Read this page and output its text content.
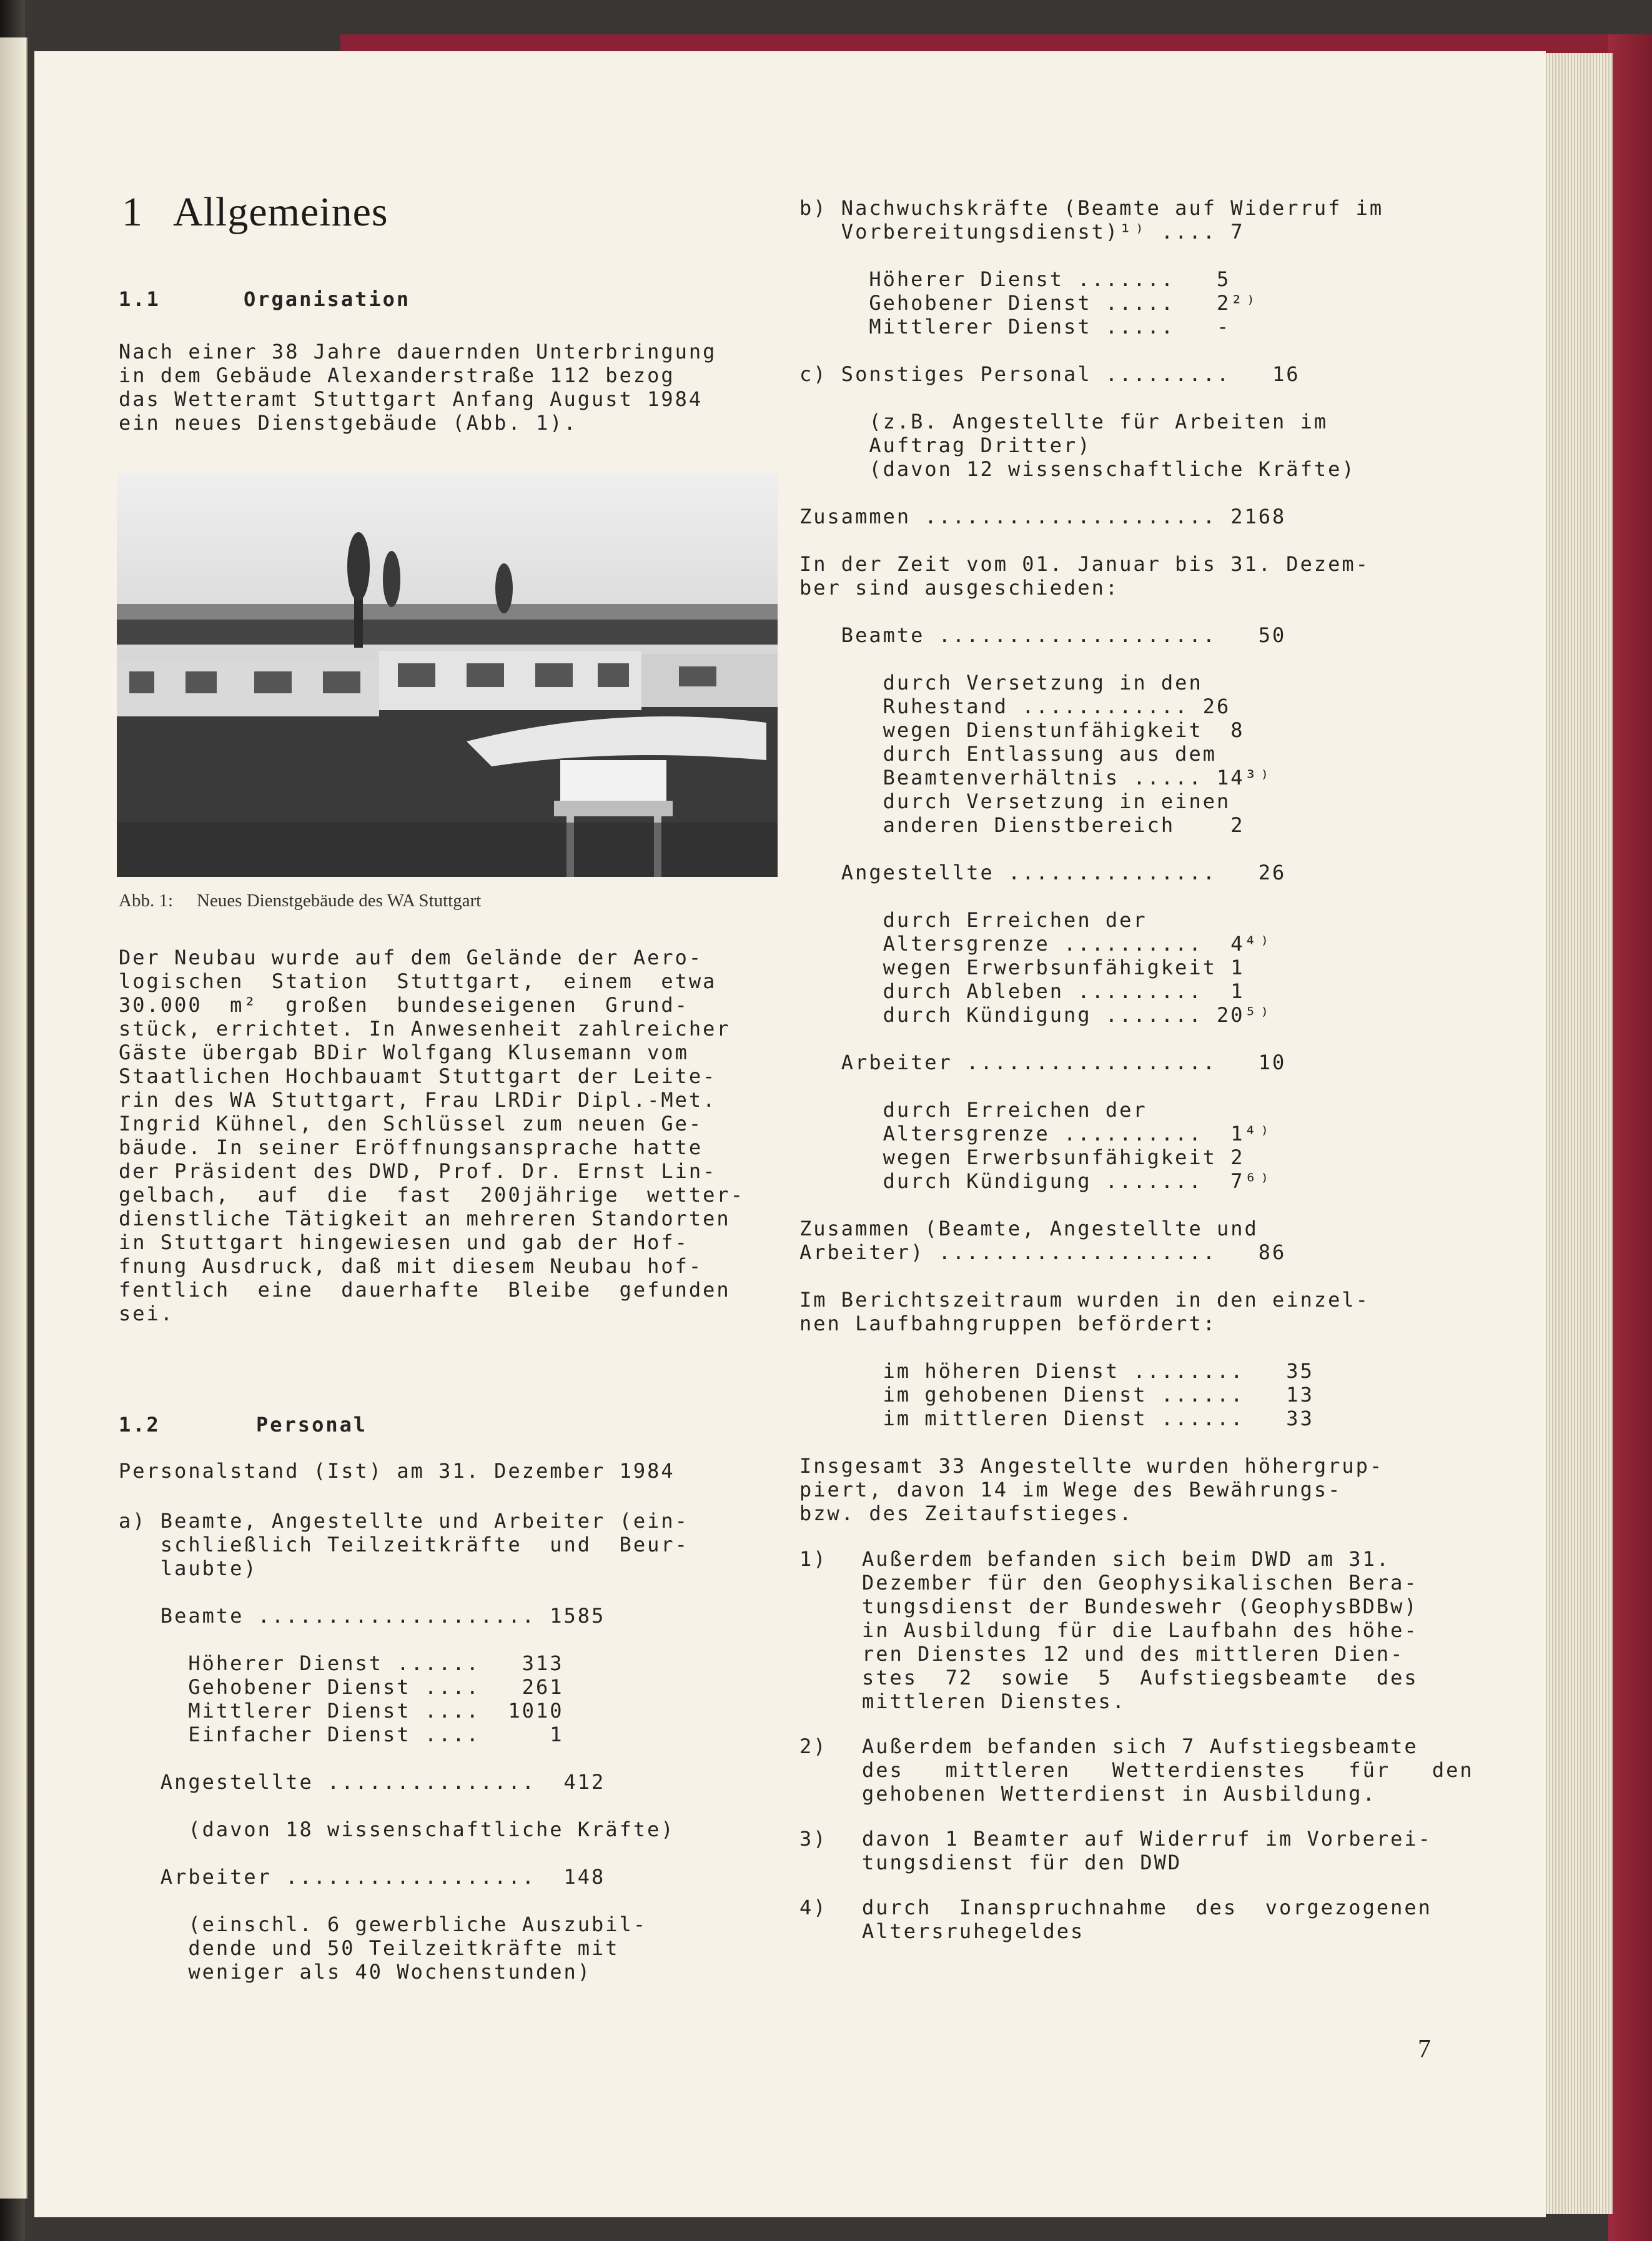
1 Allgemeines
1.1	Organisation
Nach einer 38 Jahre dauernden Unterbringung
in dem Gebäude Alexanderstraße 112 bezog
das Wetteramt Stuttgart Anfang August 1984
ein neues Dienstgebäude (Abb. 1).
Abb. 1: Neues Dienstgebäude des WA Stuttgart
Der Neubau wurde auf dem Gelände der Aero-
logischen  Station  Stuttgart,  einem  etwa
30.000  m²  großen  bundeseigenen  Grund-
stück, errichtet. In Anwesenheit zahlreicher
Gäste übergab BDir Wolfgang Klusemann vom
Staatlichen Hochbauamt Stuttgart der Leite-
rin des WA Stuttgart, Frau LRDir Dipl.-Met.
Ingrid Kühnel, den Schlüssel zum neuen Ge-
bäude. In seiner Eröffnungsansprache hatte
der Präsident des DWD, Prof. Dr. Ernst Lin-
gelbach,  auf  die  fast  200jährige  wetter-
dienstliche Tätigkeit an mehreren Standorten
in Stuttgart hingewiesen und gab der Hof-
fnung Ausdruck, daß mit diesem Neubau hof-
fentlich  eine  dauerhafte  Bleibe  gefunden
sei.
1.2	Personal
Personalstand (Ist) am 31. Dezember 1984
a) Beamte, Angestellte und Arbeiter (ein-
schließlich Teilzeitkräfte  und  Beur-
laubte)

Beamte .................... 1585

Höherer Dienst ......   313
Gehobener Dienst ....   261
Mittlerer Dienst ....  1010
Einfacher Dienst ....     1

Angestellte ...............  412

(davon 18 wissenschaftliche Kräfte)

Arbeiter ..................  148

(einschl. 6 gewerbliche Auszubil-
dende und 50 Teilzeitkräfte mit
weniger als 40 Wochenstunden)
b) Nachwuchskräfte (Beamte auf Widerruf im
Vorbereitungsdienst)¹⁾ .... 7

Höherer Dienst .......   5
Gehobener Dienst .....   2²⁾
Mittlerer Dienst .....   -

c) Sonstiges Personal .........   16

(z.B. Angestellte für Arbeiten im
Auftrag Dritter)
(davon 12 wissenschaftliche Kräfte)

Zusammen ..................... 2168

In der Zeit vom 01. Januar bis 31. Dezem-
ber sind ausgeschieden:

Beamte ....................   50

durch Versetzung in den
Ruhestand ............ 26
wegen Dienstunfähigkeit  8
durch Entlassung aus dem
Beamtenverhältnis ..... 14³⁾
durch Versetzung in einen
anderen Dienstbereich    2

Angestellte ...............   26

durch Erreichen der
Altersgrenze ..........  4⁴⁾
wegen Erwerbsunfähigkeit 1
durch Ableben .........  1
durch Kündigung ....... 20⁵⁾

Arbeiter ..................   10

durch Erreichen der
Altersgrenze ..........  1⁴⁾
wegen Erwerbsunfähigkeit 2
durch Kündigung .......  7⁶⁾

Zusammen (Beamte, Angestellte und
Arbeiter) ....................   86

Im Berichtszeitraum wurden in den einzel-
nen Laufbahngruppen befördert:

im höheren Dienst ........   35
im gehobenen Dienst ......   13
im mittleren Dienst ......   33

Insgesamt 33 Angestellte wurden höhergrup-
piert, davon 14 im Wege des Bewährungs-
bzw. des Zeitaufstieges.
1) Außerdem befanden sich beim DWD am 31.
Dezember für den Geophysikalischen Bera-
tungsdienst der Bundeswehr (GeophysBDBw)
in Ausbildung für die Laufbahn des höhe-
ren Dienstes 12 und des mittleren Dien-
stes  72  sowie  5  Aufstiegsbeamte  des
mittleren Dienstes.
2) Außerdem befanden sich 7 Aufstiegsbeamte
des   mittleren   Wetterdienstes   für   den
gehobenen Wetterdienst in Ausbildung.
3) davon 1 Beamter auf Widerruf im Vorberei-
tungsdienst für den DWD
4) durch  Inanspruchnahme  des  vorgezogenen
Altersruhegeldes
7
